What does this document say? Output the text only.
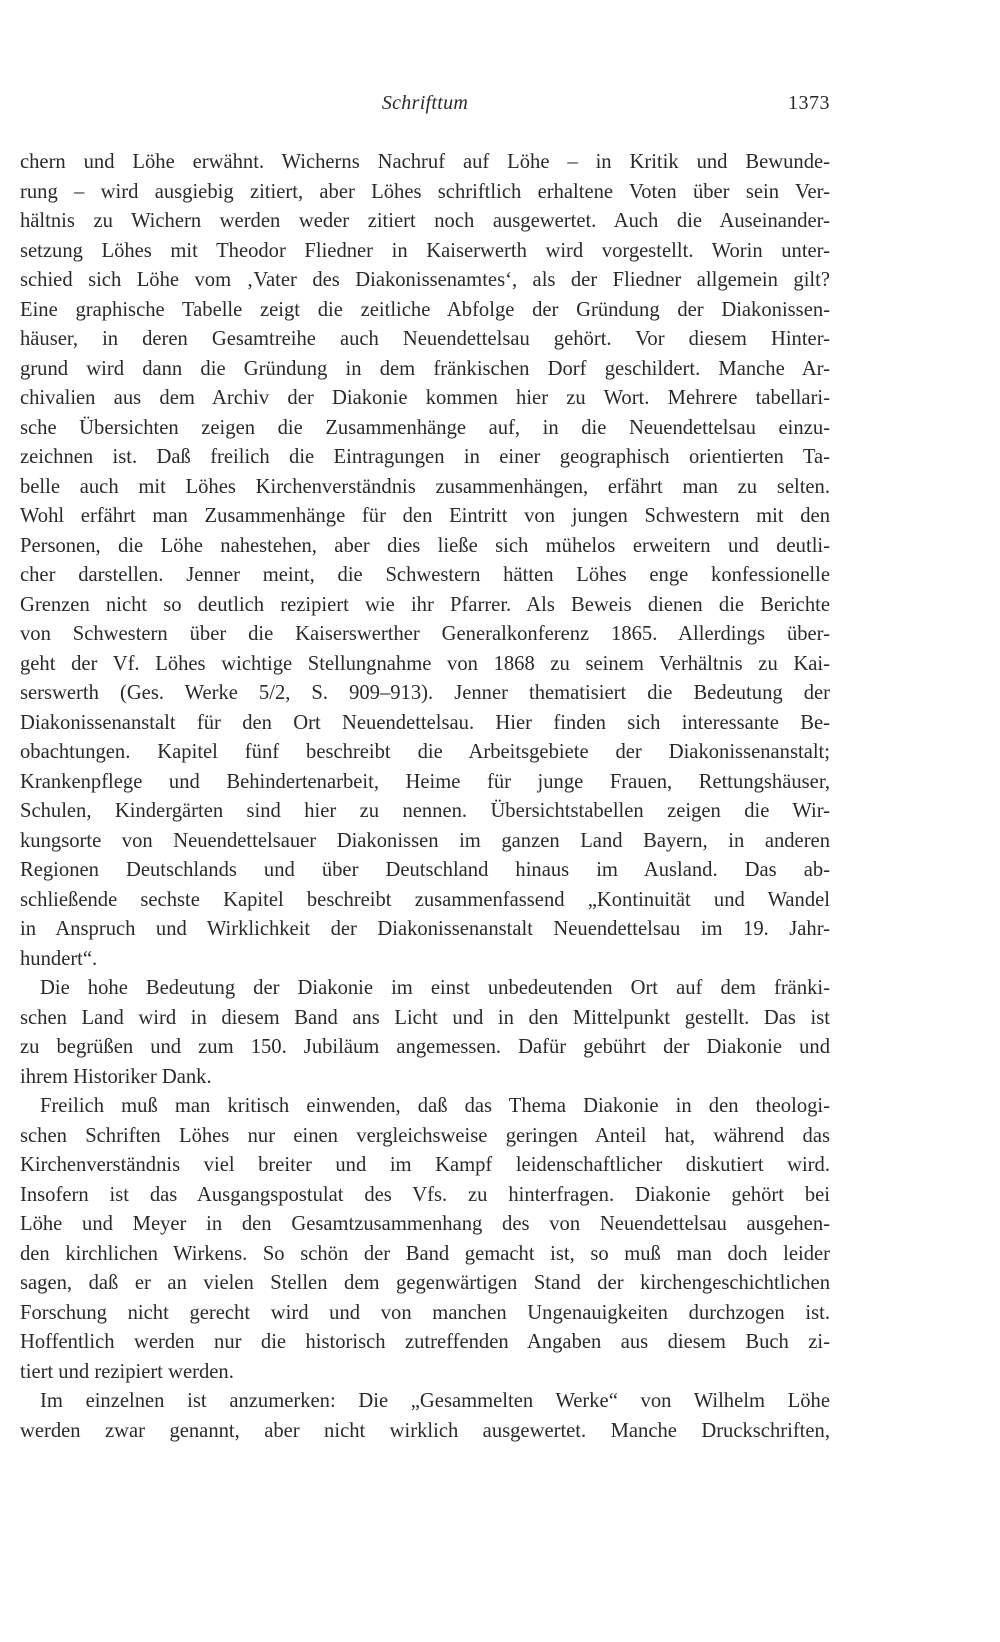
Schrifttum	1373

chern und Löhe erwähnt. Wicherns Nachruf auf Löhe – in Kritik und Bewunde-

rung – wird ausgiebig zitiert, aber Löhes schriftlich erhaltene Voten über sein Ver-

hältnis zu Wichern werden weder zitiert noch ausgewertet. Auch die Auseinander-

setzung Löhes mit Theodor Fliedner in Kaiserwerth wird vorgestellt. Worin unter-

schied sich Löhe vom ‚Vater des Diakonissenamtes‘, als der Fliedner allgemein gilt?

Eine graphische Tabelle zeigt die zeitliche Abfolge der Gründung der Diakonissen-

häuser, in deren Gesamtreihe auch Neuendettelsau gehört. Vor diesem Hinter-

grund wird dann die Gründung in dem fränkischen Dorf geschildert. Manche Ar-

chivalien aus dem Archiv der Diakonie kommen hier zu Wort. Mehrere tabellari-

sche Übersichten zeigen die Zusammenhänge auf, in die Neuendettelsau einzu-

zeichnen ist. Daß freilich die Eintragungen in einer geographisch orientierten Ta-

belle auch mit Löhes Kirchenverständnis zusammenhängen, erfährt man zu selten.

Wohl erfährt man Zusammenhänge für den Eintritt von jungen Schwestern mit den

Personen, die Löhe nahestehen, aber dies ließe sich mühelos erweitern und deutli-

cher darstellen. Jenner meint, die Schwestern hätten Löhes enge konfessionelle

Grenzen nicht so deutlich rezipiert wie ihr Pfarrer. Als Beweis dienen die Berichte

von Schwestern über die Kaiserswerther Generalkonferenz 1865. Allerdings über-

geht der Vf. Löhes wichtige Stellungnahme von 1868 zu seinem Verhältnis zu Kai-

serswerth (Ges. Werke 5/2, S. 909–913). Jenner thematisiert die Bedeutung der

Diakonissenanstalt für den Ort Neuendettelsau. Hier finden sich interessante Be-

obachtungen. Kapitel fünf beschreibt die Arbeitsgebiete der Diakonissenanstalt;

Krankenpflege und Behindertenarbeit, Heime für junge Frauen, Rettungshäuser,

Schulen, Kindergärten sind hier zu nennen. Übersichtstabellen zeigen die Wir-

kungsorte von Neuendettelsauer Diakonissen im ganzen Land Bayern, in anderen

Regionen Deutschlands und über Deutschland hinaus im Ausland. Das ab-

schließende sechste Kapitel beschreibt zusammenfassend „Kontinuität und Wandel

in Anspruch und Wirklichkeit der Diakonissenanstalt Neuendettelsau im 19. Jahr-

hundert“.

Die hohe Bedeutung der Diakonie im einst unbedeutenden Ort auf dem fränki-

schen Land wird in diesem Band ans Licht und in den Mittelpunkt gestellt. Das ist

zu begrüßen und zum 150. Jubiläum angemessen. Dafür gebührt der Diakonie und

ihrem Historiker Dank.

Freilich muß man kritisch einwenden, daß das Thema Diakonie in den theologi-

schen Schriften Löhes nur einen vergleichsweise geringen Anteil hat, während das

Kirchenverständnis viel breiter und im Kampf leidenschaftlicher diskutiert wird.

Insofern ist das Ausgangspostulat des Vfs. zu hinterfragen. Diakonie gehört bei

Löhe und Meyer in den Gesamtzusammenhang des von Neuendettelsau ausgehen-

den kirchlichen Wirkens. So schön der Band gemacht ist, so muß man doch leider

sagen, daß er an vielen Stellen dem gegenwärtigen Stand der kirchengeschichtlichen

Forschung nicht gerecht wird und von manchen Ungenauigkeiten durchzogen ist.

Hoffentlich werden nur die historisch zutreffenden Angaben aus diesem Buch zi-

tiert und rezipiert werden.

Im einzelnen ist anzumerken: Die „Gesammelten Werke“ von Wilhelm Löhe

werden zwar genannt, aber nicht wirklich ausgewertet. Manche Druckschriften,
